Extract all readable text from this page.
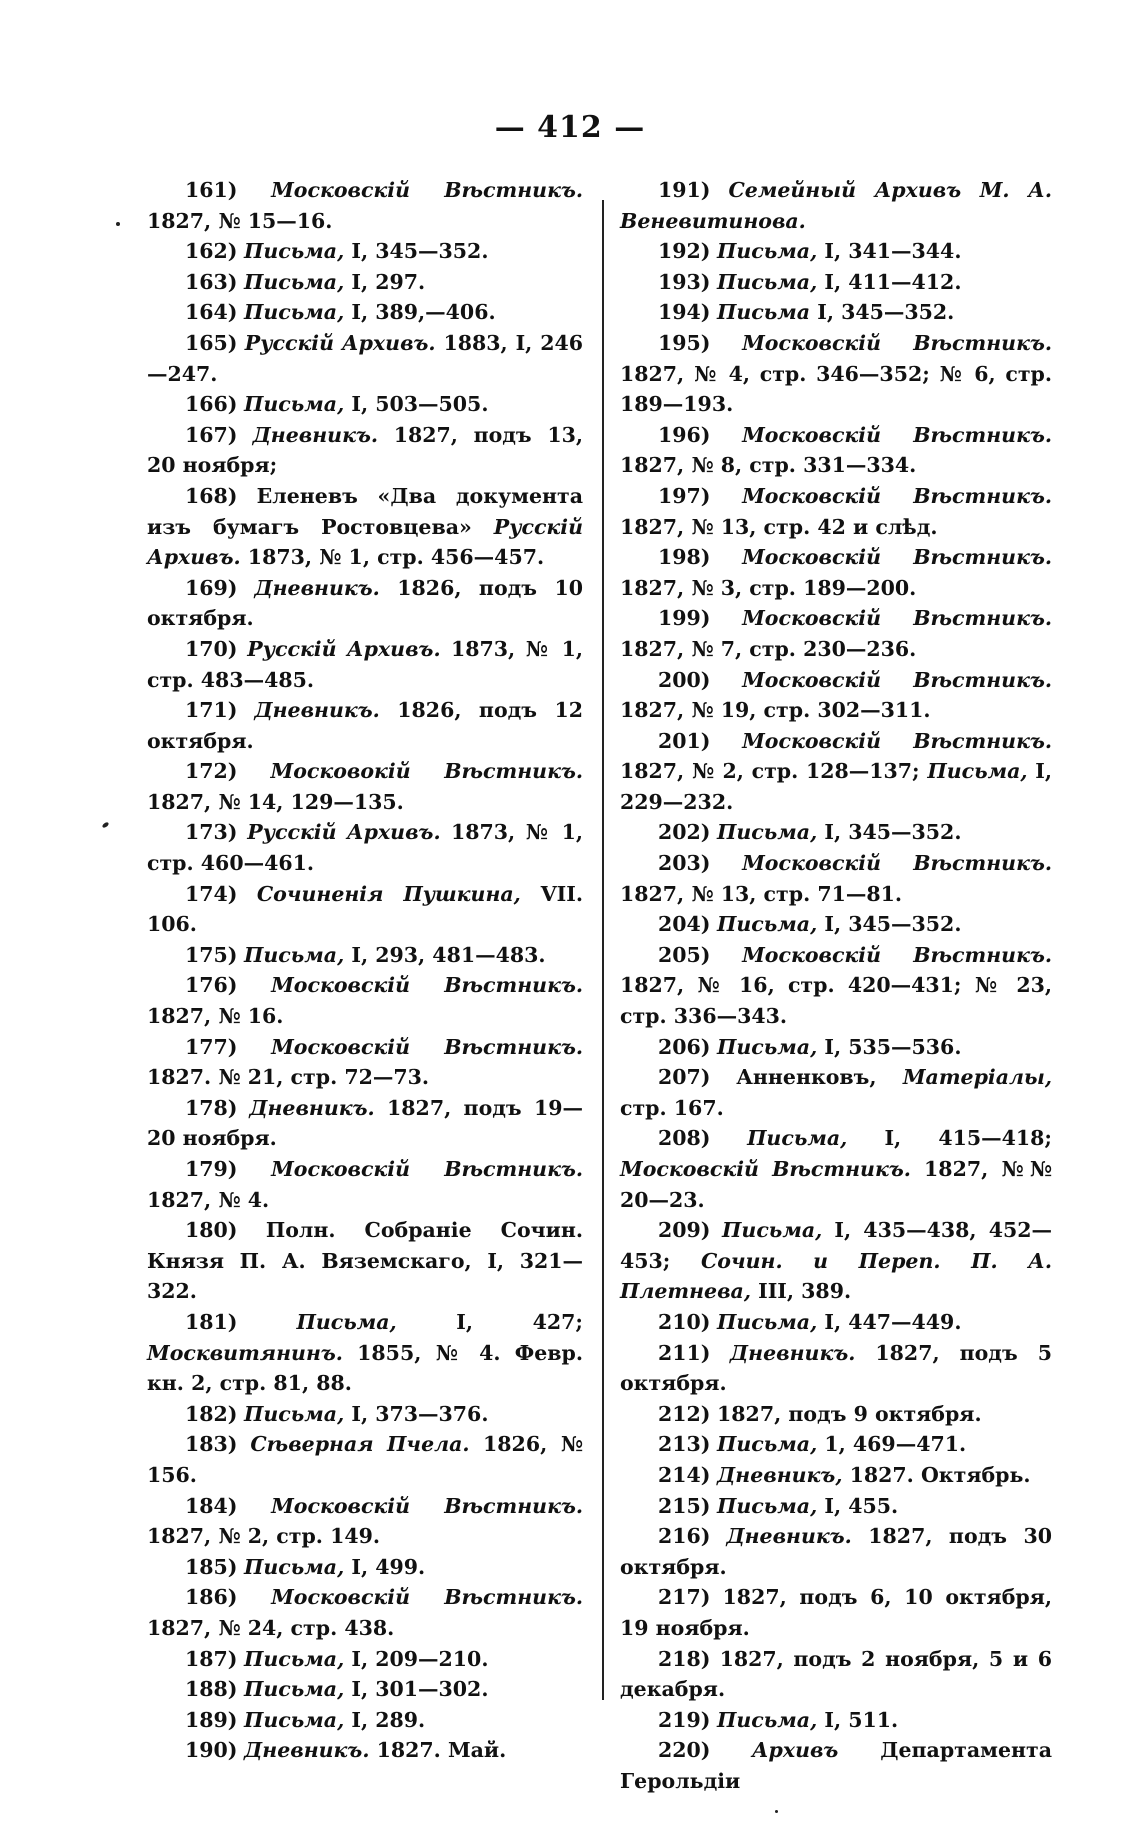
— 412 —

161) Московскій Вѣстникъ. 1827, № 15—16.

162) Письма, I, 345—352.

163) Письма, I, 297.

164) Письма, I, 389,—406.

165) Русскій Архивъ. 1883, I, 246—247.

166) Письма, I, 503—505.

167) Дневникъ. 1827, подъ 13, 20 ноября;

168) Еленевъ «Два документа изъ бумагъ Ростовцева» Русскій Архивъ. 1873, № 1, стр. 456—457.

169) Дневникъ. 1826, подъ 10 октября.

170) Русскій Архивъ. 1873, № 1, стр. 483—485.

171) Дневникъ. 1826, подъ 12 октября.

172) Московокій Вѣстникъ. 1827, № 14, 129—135.

173) Русскій Архивъ. 1873, № 1, стр. 460—461.

174) Сочиненія Пушкина, VII. 106.

175) Письма, I, 293, 481—483.

176) Московскій Вѣстникъ. 1827, № 16.

177) Московскій Вѣстникъ. 1827. № 21, стр. 72—73.

178) Дневникъ. 1827, подъ 19—20 ноября.

179) Московскій Вѣстникъ. 1827, № 4.

180) Полн. Собраніе Сочин. Князя П. А. Вяземскаго, I, 321—322.

181)	Письма, I, 427; Москвитянинъ. 1855, № 4. Февр. кн. 2, стр. 81, 88.

182) Письма, I, 373—376.

183) Сѣверная Пчела. 1826, № 156.

184) Московскій Вѣстникъ. 1827, № 2, стр. 149.

185) Письма, I, 499.

186) Московскій Вѣстникъ. 1827, № 24, стр. 438.

187) Письма, I, 209—210.

188) Письма, I, 301—302.

189) Письма, I, 289.

190) Дневникъ. 1827. Май.

191) Семейный Архивъ М. А. Веневитинова.

192) Письма, I, 341—344.

193) Письма, I, 411—412.

194) Письма I, 345—352.

195) Московскій Вѣстникъ. 1827, № 4, стр. 346—352; № 6, стр. 189—193.

196) Московскій Вѣстникъ. 1827, № 8, стр. 331—334.

197) Московскій Вѣстникъ. 1827, № 13, стр. 42 и слѣд.

198) Московскій Вѣстникъ. 1827, № 3, стр. 189—200.

199) Московскій Вѣстникъ. 1827, № 7, стр. 230—236.

200) Московскій Вѣстникъ. 1827, № 19, стр. 302—311.

201) Московскій Вѣстникъ. 1827, № 2, стр. 128—137; Письма, I, 229—232.

202) Письма, I, 345—352.

203) Московскій Вѣстникъ. 1827, № 13, стр. 71—81.

204) Письма, I, 345—352.

205) Московскій Вѣстникъ. 1827, № 16, стр. 420—431; № 23, стр. 336—343.

206) Письма, I, 535—536.

207) Анненковъ, Матеріалы, стр. 167.

208) Письма, I, 415—418; Московскій Вѣстникъ. 1827, №№ 20—23.

209) Письма, I, 435—438, 452—453; Сочин. и Переп. П. А. Плетнева, III, 389.

210) Письма, I, 447—449.

211) Дневникъ. 1827, подъ 5 октября.

212) 1827, подъ 9 октября.

213) Письма, 1, 469—471.

214) Дневникъ, 1827. Октябрь.

215) Письма, I, 455.

216) Дневникъ. 1827, подъ 30 октября.

217) 1827, подъ 6, 10 октября, 19 ноября.

218) 1827, подъ 2 ноября, 5 и 6 декабря.

219) Письма, I, 511.

220) Архивъ Департамента Герольдіи
